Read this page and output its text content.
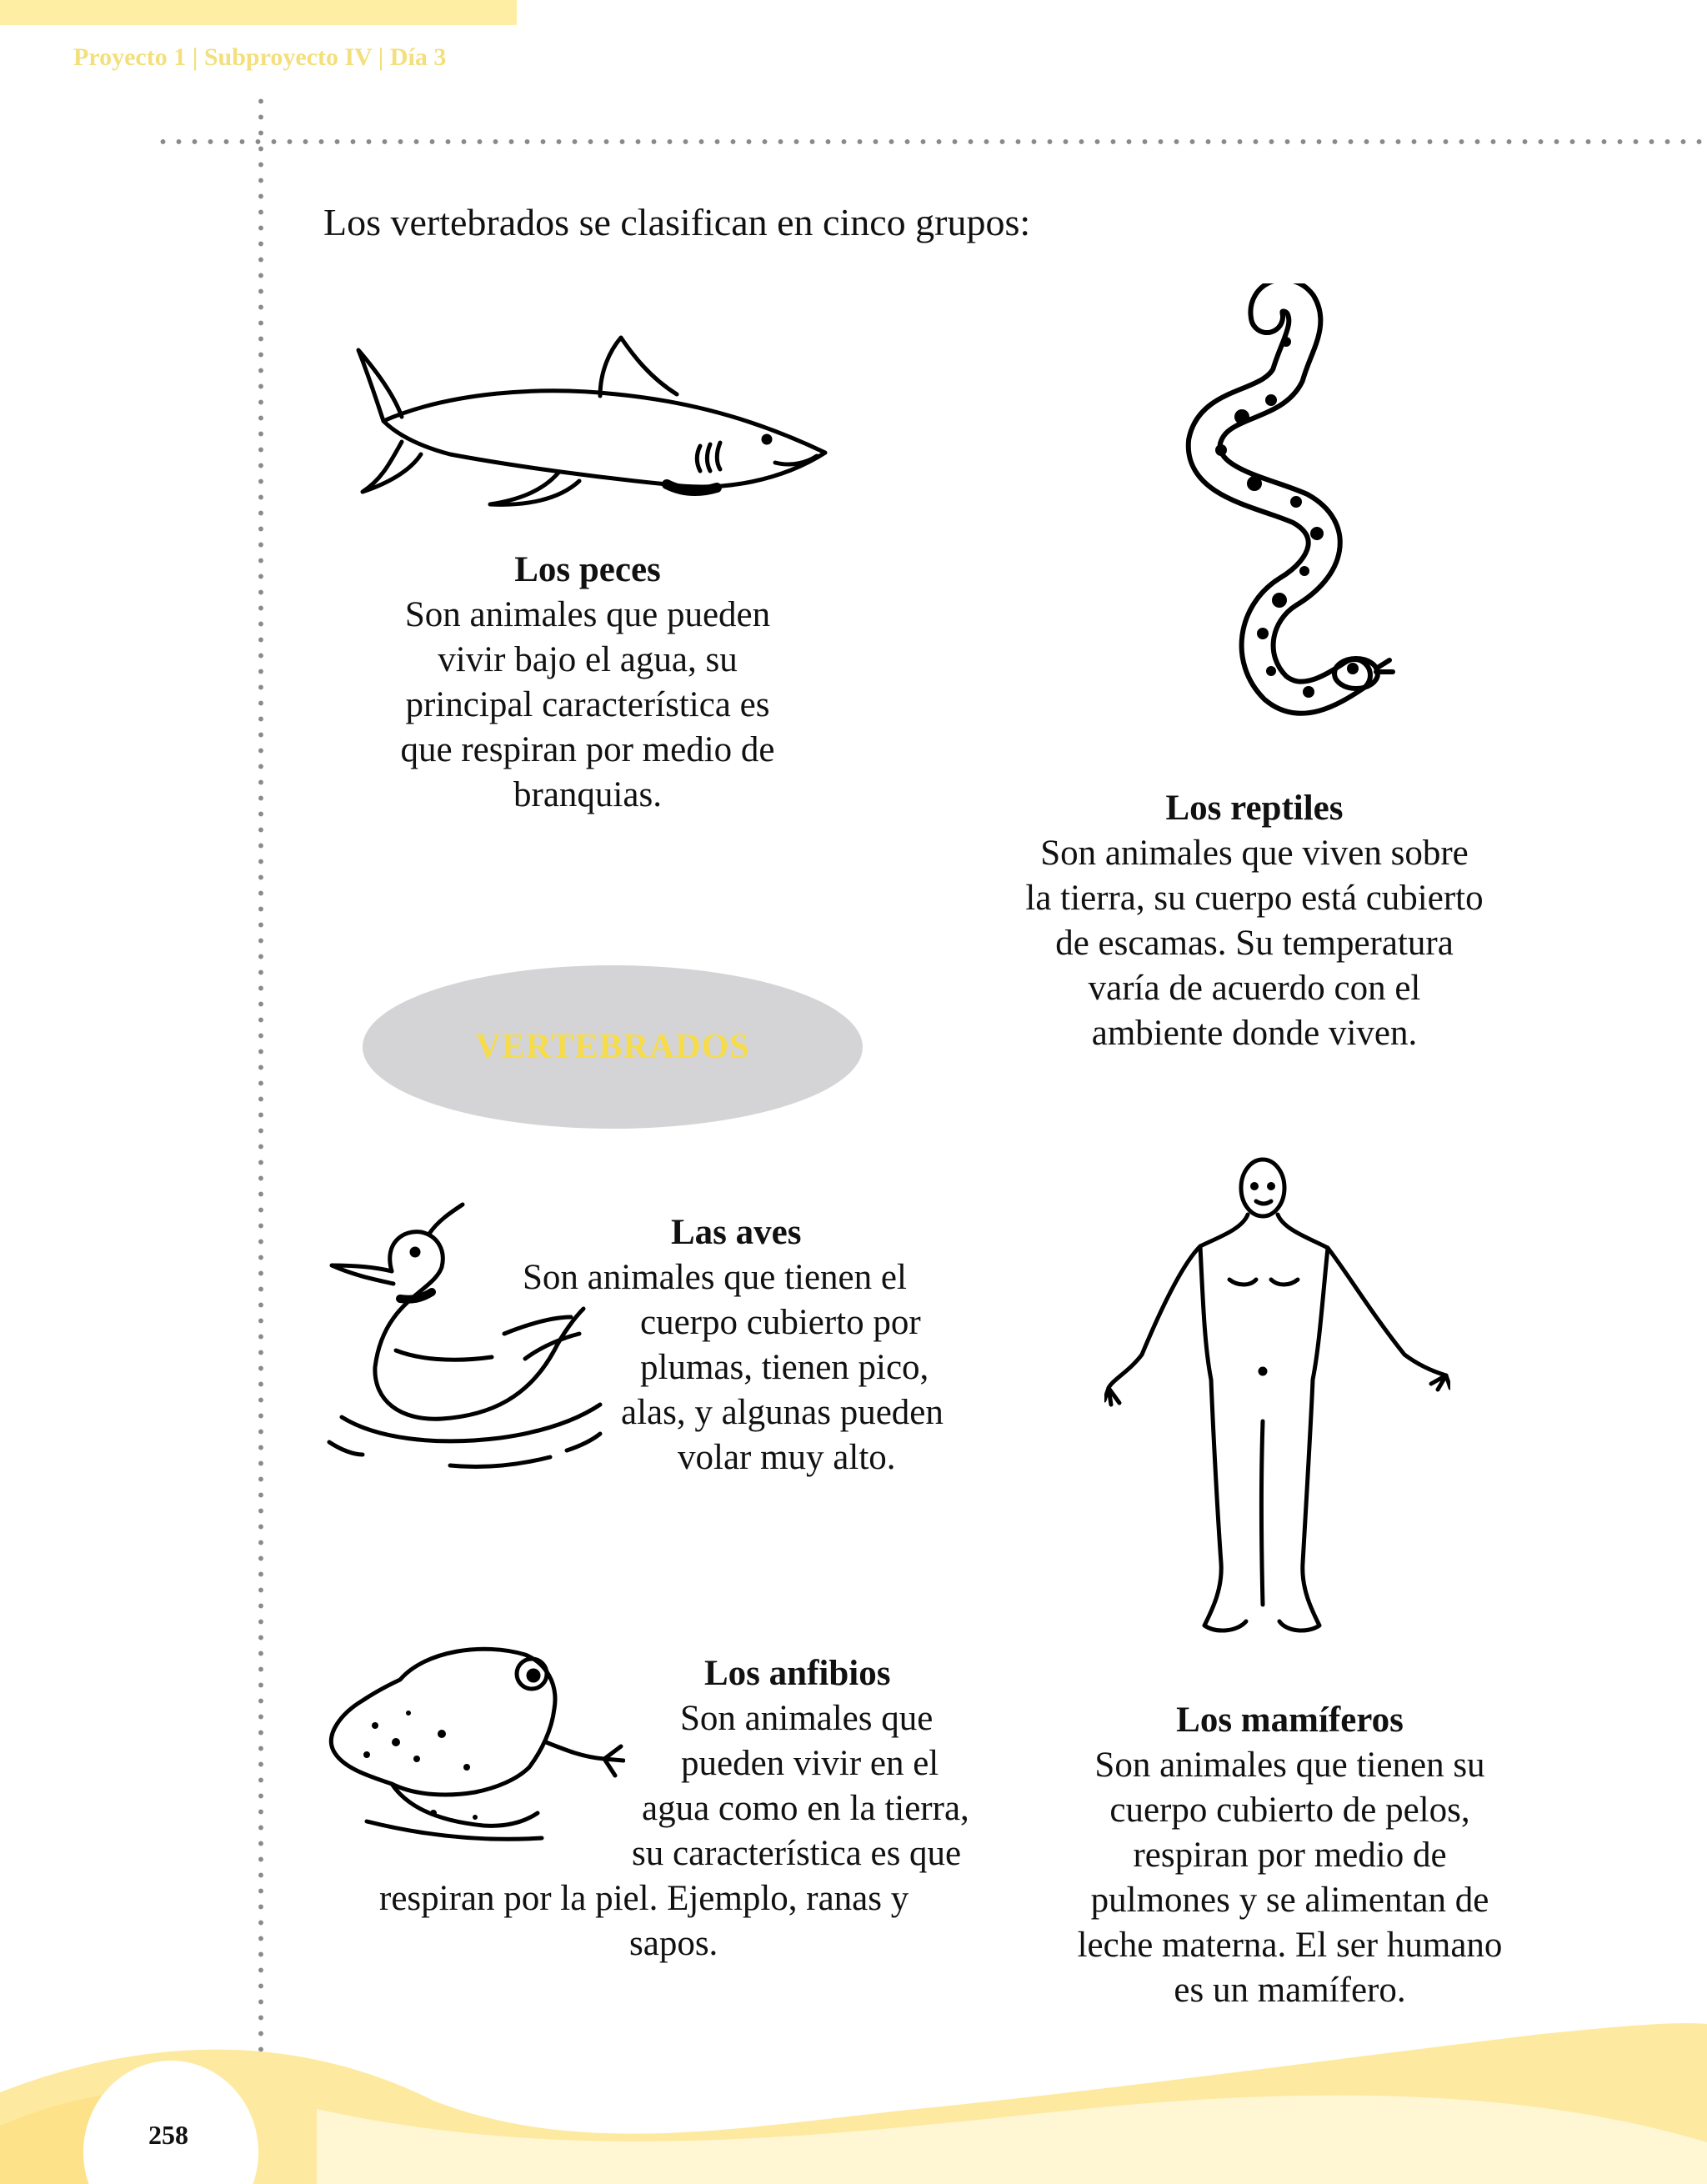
Proyecto 1 | Subproyecto IV | Día 3
Los vertebrados se clasifican en cinco grupos:
Los peces
Son animales que pueden
vivir bajo el agua, su
principal característica es
que respiran por medio de
branquias.	Los reptiles
Son animales que viven sobre
la tierra, su cuerpo está cubierto
de escamas. Su temperatura
varía de acuerdo con el
ambiente donde viven.
VERTEBRADOS
Las aves
Son animales que tienen el
cuerpo cubierto por
plumas, tienen pico,
alas, y algunas pueden
volar muy alto.
Los anfibios
Son animales que
pueden vivir en el
agua como en la tierra,
su característica es que
respiran por la piel. Ejemplo, ranas y
sapos.
Los mamíferos
Son animales que tienen su
cuerpo cubierto de pelos,
respiran por medio de
pulmones y se alimentan de
leche materna. El ser humano
es un mamífero.
258
